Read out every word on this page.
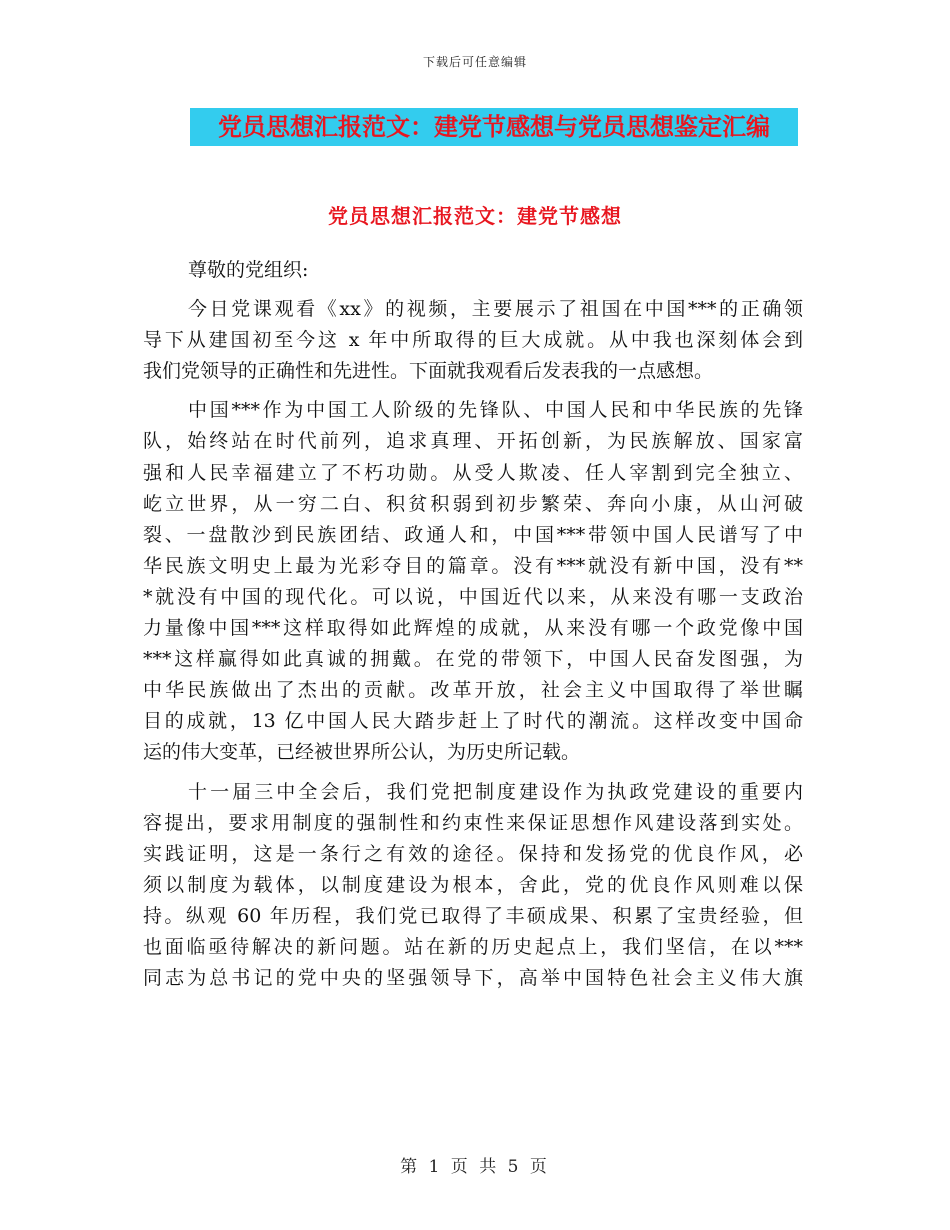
下载后可任意编辑
党员思想汇报范文：建党节感想与党员思想鉴定汇编
党员思想汇报范文：建党节感想
尊敬的党组织:
今日党课观看《xx》的视频，主要展示了祖国在中国***的正确领
导下从建国初至今这 x 年中所取得的巨大成就。从中我也深刻体会到
我们党领导的正确性和先进性。下面就我观看后发表我的一点感想。
中国***作为中国工人阶级的先锋队、中国人民和中华民族的先锋
队，始终站在时代前列，追求真理、开拓创新，为民族解放、国家富
强和人民幸福建立了不朽功勋。从受人欺凌、任人宰割到完全独立、
屹立世界，从一穷二白、积贫积弱到初步繁荣、奔向小康，从山河破
裂、一盘散沙到民族团结、政通人和，中国***带领中国人民谱写了中
华民族文明史上最为光彩夺目的篇章。没有***就没有新中国，没有**
*就没有中国的现代化。可以说，中国近代以来，从来没有哪一支政治
力量像中国***这样取得如此辉煌的成就，从来没有哪一个政党像中国
***这样赢得如此真诚的拥戴。在党的带领下，中国人民奋发图强，为
中华民族做出了杰出的贡献。改革开放，社会主义中国取得了举世瞩
目的成就，13 亿中国人民大踏步赶上了时代的潮流。这样改变中国命
运的伟大变革，已经被世界所公认，为历史所记载。
十一届三中全会后，我们党把制度建设作为执政党建设的重要内
容提出，要求用制度的强制性和约束性来保证思想作风建设落到实处。
实践证明，这是一条行之有效的途径。保持和发扬党的优良作风，必
须以制度为载体，以制度建设为根本，舍此，党的优良作风则难以保
持。纵观 60 年历程，我们党已取得了丰硕成果、积累了宝贵经验，但
也面临亟待解决的新问题。站在新的历史起点上，我们坚信，在以***
同志为总书记的党中央的坚强领导下，高举中国特色社会主义伟大旗
第 1 页 共 5 页
